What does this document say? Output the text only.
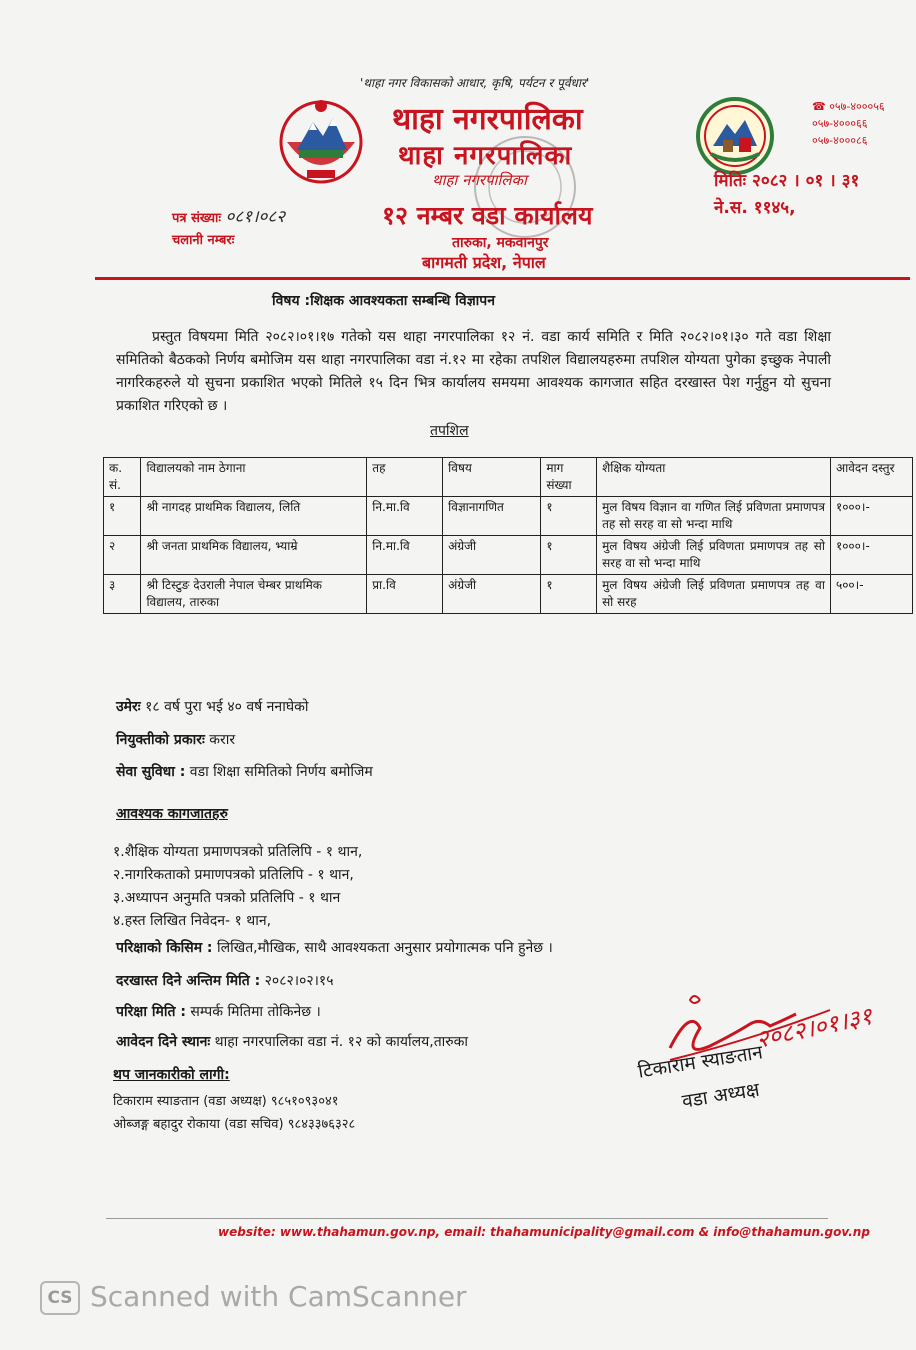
'थाहा नगर विकासको आधार, कृषि, पर्यटन र पूर्वधार'
थाहा नगरपालिका
थाहा नगरपालिका
थाहा नगरपालिका
१२ नम्बर वडा कार्यालय
तारुका, मकवानपुर
बागमती प्रदेश, नेपाल
☎ ०५७-४०००५६
०५७-४०००६६
०५७-४०००८६
मितिः २०८२ । ०१ । ३१
ने.स. ११४५,
पत्र संख्याः ०८१।०८२
चलानी नम्बरः
विषय :शिक्षक आवश्यकता सम्बन्धि विज्ञापन
प्रस्तुत विषयमा मिति २०८२।०१।१७ गतेको यस थाहा नगरपालिका १२ नं. वडा कार्य समिति र मिति २०८२।०१।३० गते वडा शिक्षा समितिको बैठकको निर्णय बमोजिम यस थाहा नगरपालिका वडा नं.१२ मा रहेका तपशिल विद्यालयहरुमा तपशिल योग्यता पुगेका इच्छुक नेपाली नागरिकहरुले यो सुचना प्रकाशित भएको मितिले १५ दिन भित्र कार्यालय समयमा आवश्यक कागजात सहित दरखास्त पेश गर्नुहुन यो सुचना प्रकाशित गरिएको छ ।
तपशिल
क. सं.	विद्यालयको नाम ठेगाना	तह	विषय	माग संख्या	शैक्षिक योग्यता	आवेदन दस्तुर
१	श्री नागदह प्राथमिक विद्यालय, लिति	नि.मा.वि	विज्ञानागणित	१	मुल विषय विज्ञान वा गणित लिई प्रविणता प्रमाणपत्र तह सो सरह वा सो भन्दा माथि	१०००।-
२	श्री जनता प्राथमिक विद्यालय, भ्याम्रे	नि.मा.वि	अंग्रेजी	१	मुल विषय अंग्रेजी लिई प्रविणता प्रमाणपत्र तह सो सरह वा सो भन्दा माथि	१०००।-
३	श्री टिस्टुङ देउराली नेपाल चेम्बर प्राथमिक विद्यालय, तारुका	प्रा.वि	अंग्रेजी	१	मुल विषय अंग्रेजी लिई प्रविणता प्रमाणपत्र तह वा सो सरह	५००।-
उमेरः १८ वर्ष पुरा भई ४० वर्ष ननाघेको
नियुक्तीको प्रकारः करार
सेवा सुविधा : वडा शिक्षा समितिको निर्णय बमोजिम
आवश्यक कागजातहरु
१.शैक्षिक योग्यता प्रमाणपत्रको प्रतिलिपि - १ थान,
२.नागरिकताको प्रमाणपत्रको प्रतिलिपि - १ थान,
३.अध्यापन अनुमति पत्रको प्रतिलिपि - १ थान
४.हस्त लिखित निवेदन- १ थान,
परिक्षाको किसिम : लिखित,मौखिक, साथै आवश्यकता अनुसार प्रयोगात्मक पनि हुनेछ ।
दरखास्त दिने अन्तिम मिति : २०८२।०२।१५
परिक्षा मिति : सम्पर्क मितिमा तोकिनेछ ।
आवेदन दिने स्थानः थाहा नगरपालिका वडा नं. १२ को कार्यालय,तारुका
थप जानकारीको लागी:
टिकाराम स्याङतान (वडा अध्यक्ष) ९८५१०९३०४१
ओब्जङ्ग बहादुर रोकाया (वडा सचिव) ९८४३३७६३२८
२०८२।०१।३१
टिकाराम स्याङतान
वडा अध्यक्ष
website: www.thahamun.gov.np, email: thahamunicipality@gmail.com & info@thahamun.gov.np
CS Scanned with CamScanner
